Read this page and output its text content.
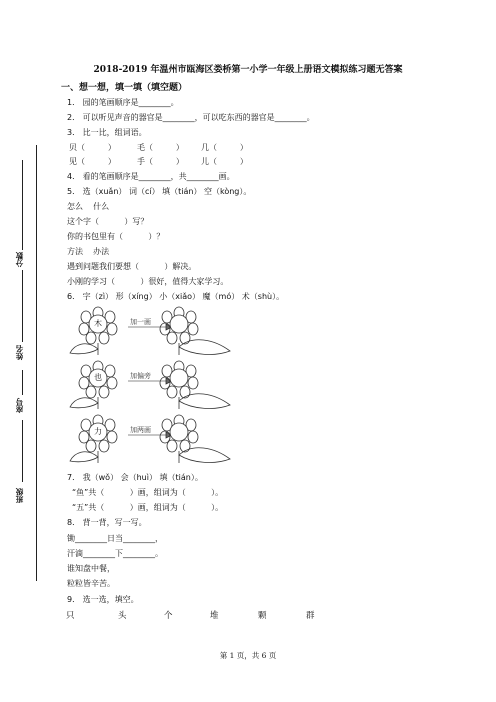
分数
姓名
座号
班级
2018-2019 年温州市瓯海区娄桥第一小学一年级上册语文模拟练习题无答案
一、想一想，填一填（填空题）
1． 园的笔画顺序是________。
2． 可以听见声音的器官是________，可以吃东西的器官是________。
3． 比一比，组词语。
贝（         ）	毛（         ） 几（         ）
见（         ）	手（         ） 儿（         ）
4． 看的笔画顺序是________，共________画。
5． 选（xuǎn） 词（cí） 填（tián） 空（kòng）。
怎么    什么
这个字（          ）写？
你的书包里有（          ）？
方法    办法
遇到问题我们要想（          ）解决。
小刚的学习（          ）很好，值得大家学习。
6． 字（zì） 形（xíng） 小（xiǎo） 魔（mó） 术（shù）。
木	加一画
也	加偏旁
力	加两画
7． 我（wǒ） 会（huì） 填（tián）。
“鱼”共（          ）画，组词为（          ）。
“五”共（          ）画，组词为（          ）。
8． 背一背，写一写。
锄________日当________，
汗滴________下________。
谁知盘中餐，
粒粒皆辛苦。
9． 选一选，填空。
只	头	个	堆	颗	群
第 1 页，共 6 页
